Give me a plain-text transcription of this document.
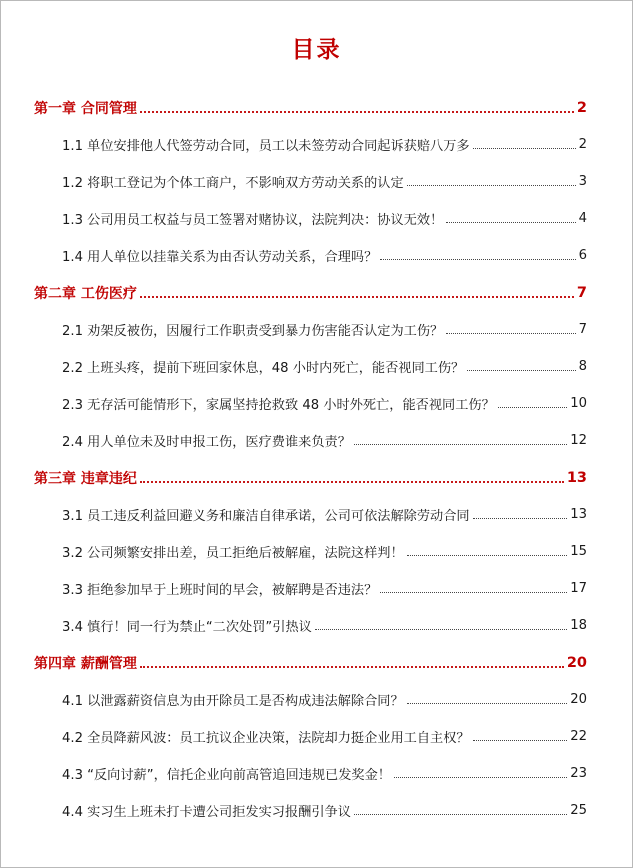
目录
第一章 合同管理	2
1.1 单位安排他人代签劳动合同，员工以未签劳动合同起诉获赔八万多	2
1.2 将职工登记为个体工商户，不影响双方劳动关系的认定	3
1.3 公司用员工权益与员工签署对赌协议，法院判决：协议无效！	4
1.4 用人单位以挂靠关系为由否认劳动关系，合理吗？	6
第二章 工伤医疗	7
2.1 劝架反被伤，因履行工作职责受到暴力伤害能否认定为工伤？	7
2.2 上班头疼，提前下班回家休息，48 小时内死亡，能否视同工伤？	8
2.3 无存活可能情形下，家属坚持抢救致 48 小时外死亡，能否视同工伤？	10
2.4 用人单位未及时申报工伤，医疗费谁来负责？	12
第三章 违章违纪	13
3.1 员工违反利益回避义务和廉洁自律承诺，公司可依法解除劳动合同	13
3.2 公司频繁安排出差，员工拒绝后被解雇，法院这样判！	15
3.3 拒绝参加早于上班时间的早会，被解聘是否违法？	17
3.4 慎行！同一行为禁止“二次处罚”引热议	18
第四章 薪酬管理	20
4.1 以泄露薪资信息为由开除员工是否构成违法解除合同？	20
4.2 全员降薪风波：员工抗议企业决策，法院却力挺企业用工自主权？	22
4.3 “反向讨薪”，信托企业向前高管追回违规已发奖金！	23
4.4 实习生上班未打卡遭公司拒发实习报酬引争议	25
